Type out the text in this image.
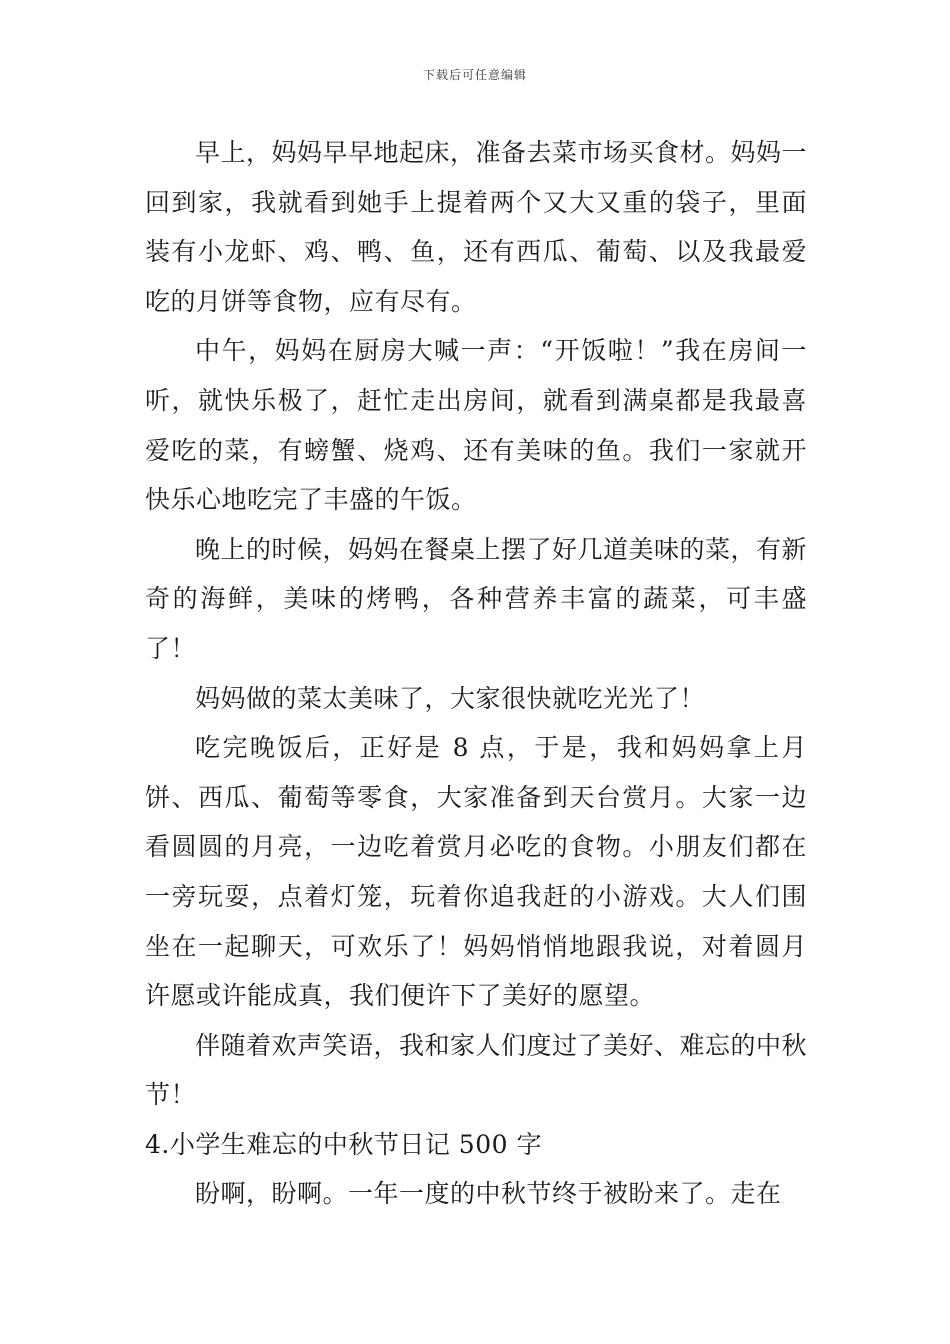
下载后可任意编辑

早上，妈妈早早地起床，准备去菜市场买食材。妈妈一回到家，我就看到她手上提着两个又大又重的袋子，里面装有小龙虾、鸡、鸭、鱼，还有西瓜、葡萄、以及我最爱吃的月饼等食物，应有尽有。

中午，妈妈在厨房大喊一声：“开饭啦！”我在房间一听，就快乐极了，赶忙走出房间，就看到满桌都是我最喜爱吃的菜，有螃蟹、烧鸡、还有美味的鱼。我们一家就开快乐心地吃完了丰盛的午饭。

晚上的时候，妈妈在餐桌上摆了好几道美味的菜，有新奇的海鲜，美味的烤鸭，各种营养丰富的蔬菜，可丰盛了！

妈妈做的菜太美味了，大家很快就吃光光了！

吃完晚饭后，正好是 8 点，于是，我和妈妈拿上月饼、西瓜、葡萄等零食，大家准备到天台赏月。大家一边看圆圆的月亮，一边吃着赏月必吃的食物。小朋友们都在一旁玩耍，点着灯笼，玩着你追我赶的小游戏。大人们围坐在一起聊天，可欢乐了！妈妈悄悄地跟我说，对着圆月许愿或许能成真，我们便许下了美好的愿望。

伴随着欢声笑语，我和家人们度过了美好、难忘的中秋节！

4.小学生难忘的中秋节日记 500 字

盼啊，盼啊。一年一度的中秋节终于被盼来了。走在
